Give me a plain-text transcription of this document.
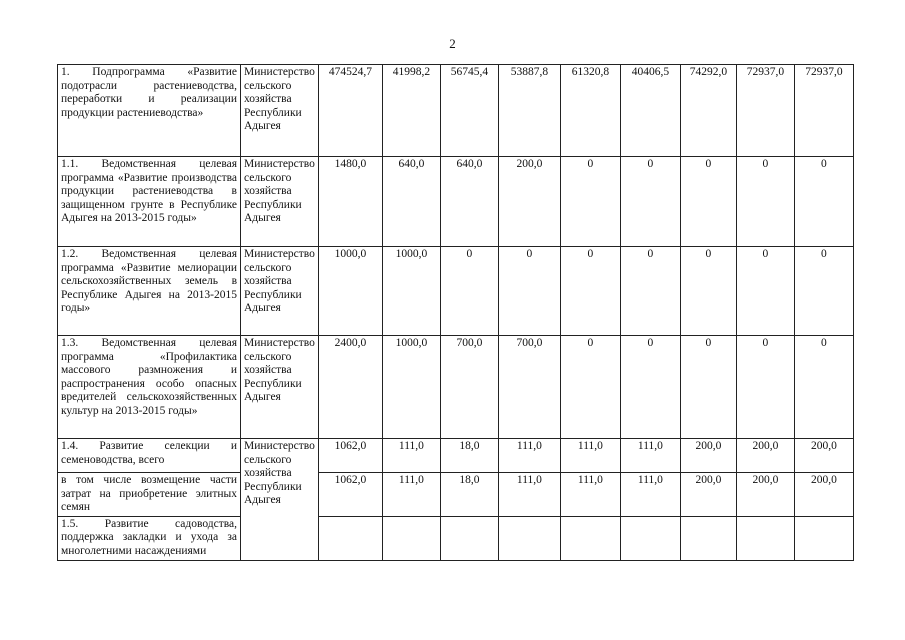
2
1. Подпрограмма «Развитие подотрасли растениеводства, переработки и реализации продукции растениеводства»	Министерство сельского хозяйства Республики Адыгея	474524,7	41998,2	56745,4	53887,8	61320,8	40406,5	74292,0	72937,0	72937,0
1.1. Ведомственная целевая программа «Развитие производства продукции растениеводства в защищенном грунте в Республике Адыгея на 2013-2015 годы»	Министерство сельского хозяйства Республики Адыгея	1480,0	640,0	640,0	200,0	0	0	0	0	0
1.2. Ведомственная целевая программа «Развитие мелиорации сельскохозяйственных земель в Республике Адыгея на 2013-2015 годы»	Министерство сельского хозяйства Республики Адыгея	1000,0	1000,0	0	0	0	0	0	0	0
1.3. Ведомственная целевая программа «Профилактика массового размножения и распространения особо опасных вредителей сельскохозяйственных культур на 2013-2015 годы»	Министерство сельского хозяйства Республики Адыгея	2400,0	1000,0	700,0	700,0	0	0	0	0	0
1.4. Развитие селекции и семеноводства, всего	Министерство сельского хозяйства Республики Адыгея	1062,0	111,0	18,0	111,0	111,0	111,0	200,0	200,0	200,0
в том числе возмещение части затрат на приобретение элитных семян		1062,0	111,0	18,0	111,0	111,0	111,0	200,0	200,0	200,0
1.5. Развитие садоводства, поддержка закладки и ухода за многолетними насаждениями										
